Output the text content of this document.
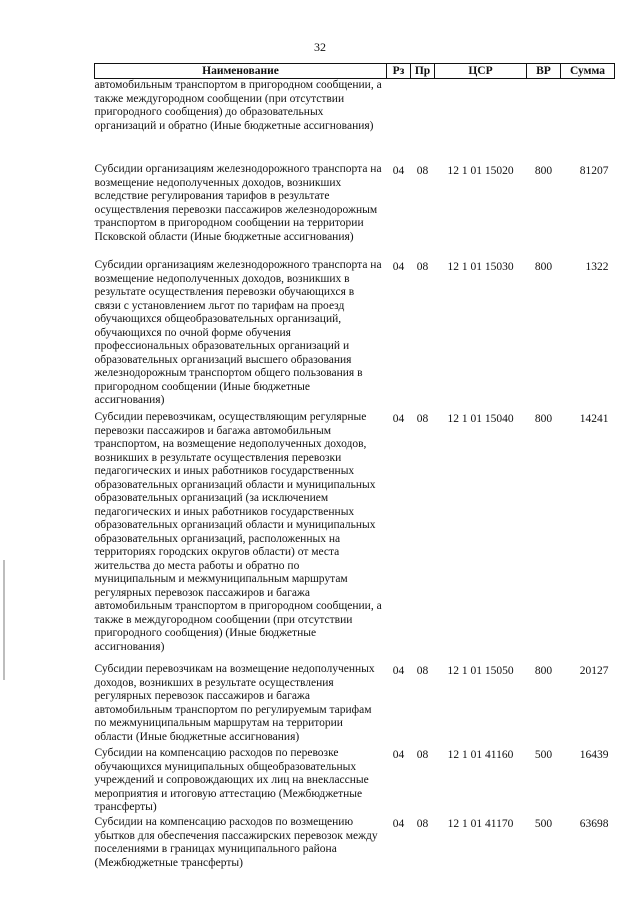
32
Наименование	Рз	Пр	ЦСР	ВР	Сумма
автомобильным транспортом в пригородном сообщении, а также междугородном сообщении (при отсутствии пригородного сообщения) до образовательных организаций и обратно (Иные бюджетные ассигнования)					
Субсидии организациям железнодорожного транспорта на возмещение недополученных доходов, возникших вследствие регулирования тарифов в результате осуществления перевозки пассажиров железнодорожным транспортом в пригородном сообщении на территории Псковской области (Иные бюджетные ассигнования)	04	08	12 1 01 15020	800	81207
Субсидии организациям железнодорожного транспорта на возмещение недополученных доходов, возникших в результате осуществления перевозки обучающихся в связи с установлением льгот по тарифам на проезд обучающихся общеобразовательных организаций, обучающихся по очной форме обучения профессиональных образовательных организаций и образовательных организаций высшего образования железнодорожным транспортом общего пользования в пригородном сообщении (Иные бюджетные ассигнования)	04	08	12 1 01 15030	800	1322
Субсидии перевозчикам, осуществляющим регулярные перевозки пассажиров и багажа автомобильным транспортом, на возмещение недополученных доходов, возникших в результате осуществления перевозки педагогических и иных работников государственных образовательных организаций области и муниципальных образовательных организаций (за исключением педагогических и иных работников государственных образовательных организаций области и муниципальных образовательных организаций, расположенных на территориях городских округов области) от места жительства до места работы и обратно по муниципальным и межмуниципальным маршрутам регулярных перевозок пассажиров и багажа автомобильным транспортом в пригородном сообщении, а также в междугородном сообщении (при отсутствии пригородного сообщения) (Иные бюджетные ассигнования)	04	08	12 1 01 15040	800	14241
Субсидии перевозчикам на возмещение недополученных доходов, возникших в результате осуществления регулярных перевозок пассажиров и багажа автомобильным транспортом по регулируемым тарифам по межмуниципальным маршрутам на территории области (Иные бюджетные ассигнования)	04	08	12 1 01 15050	800	20127
Субсидии на компенсацию расходов по перевозке обучающихся муниципальных общеобразовательных учреждений и сопровождающих их лиц на внеклассные мероприятия и итоговую аттестацию (Межбюджетные трансферты)	04	08	12 1 01 41160	500	16439
Субсидии на компенсацию расходов по возмещению убытков для обеспечения пассажирских перевозок между поселениями в границах муниципального района (Межбюджетные трансферты)	04	08	12 1 01 41170	500	63698
